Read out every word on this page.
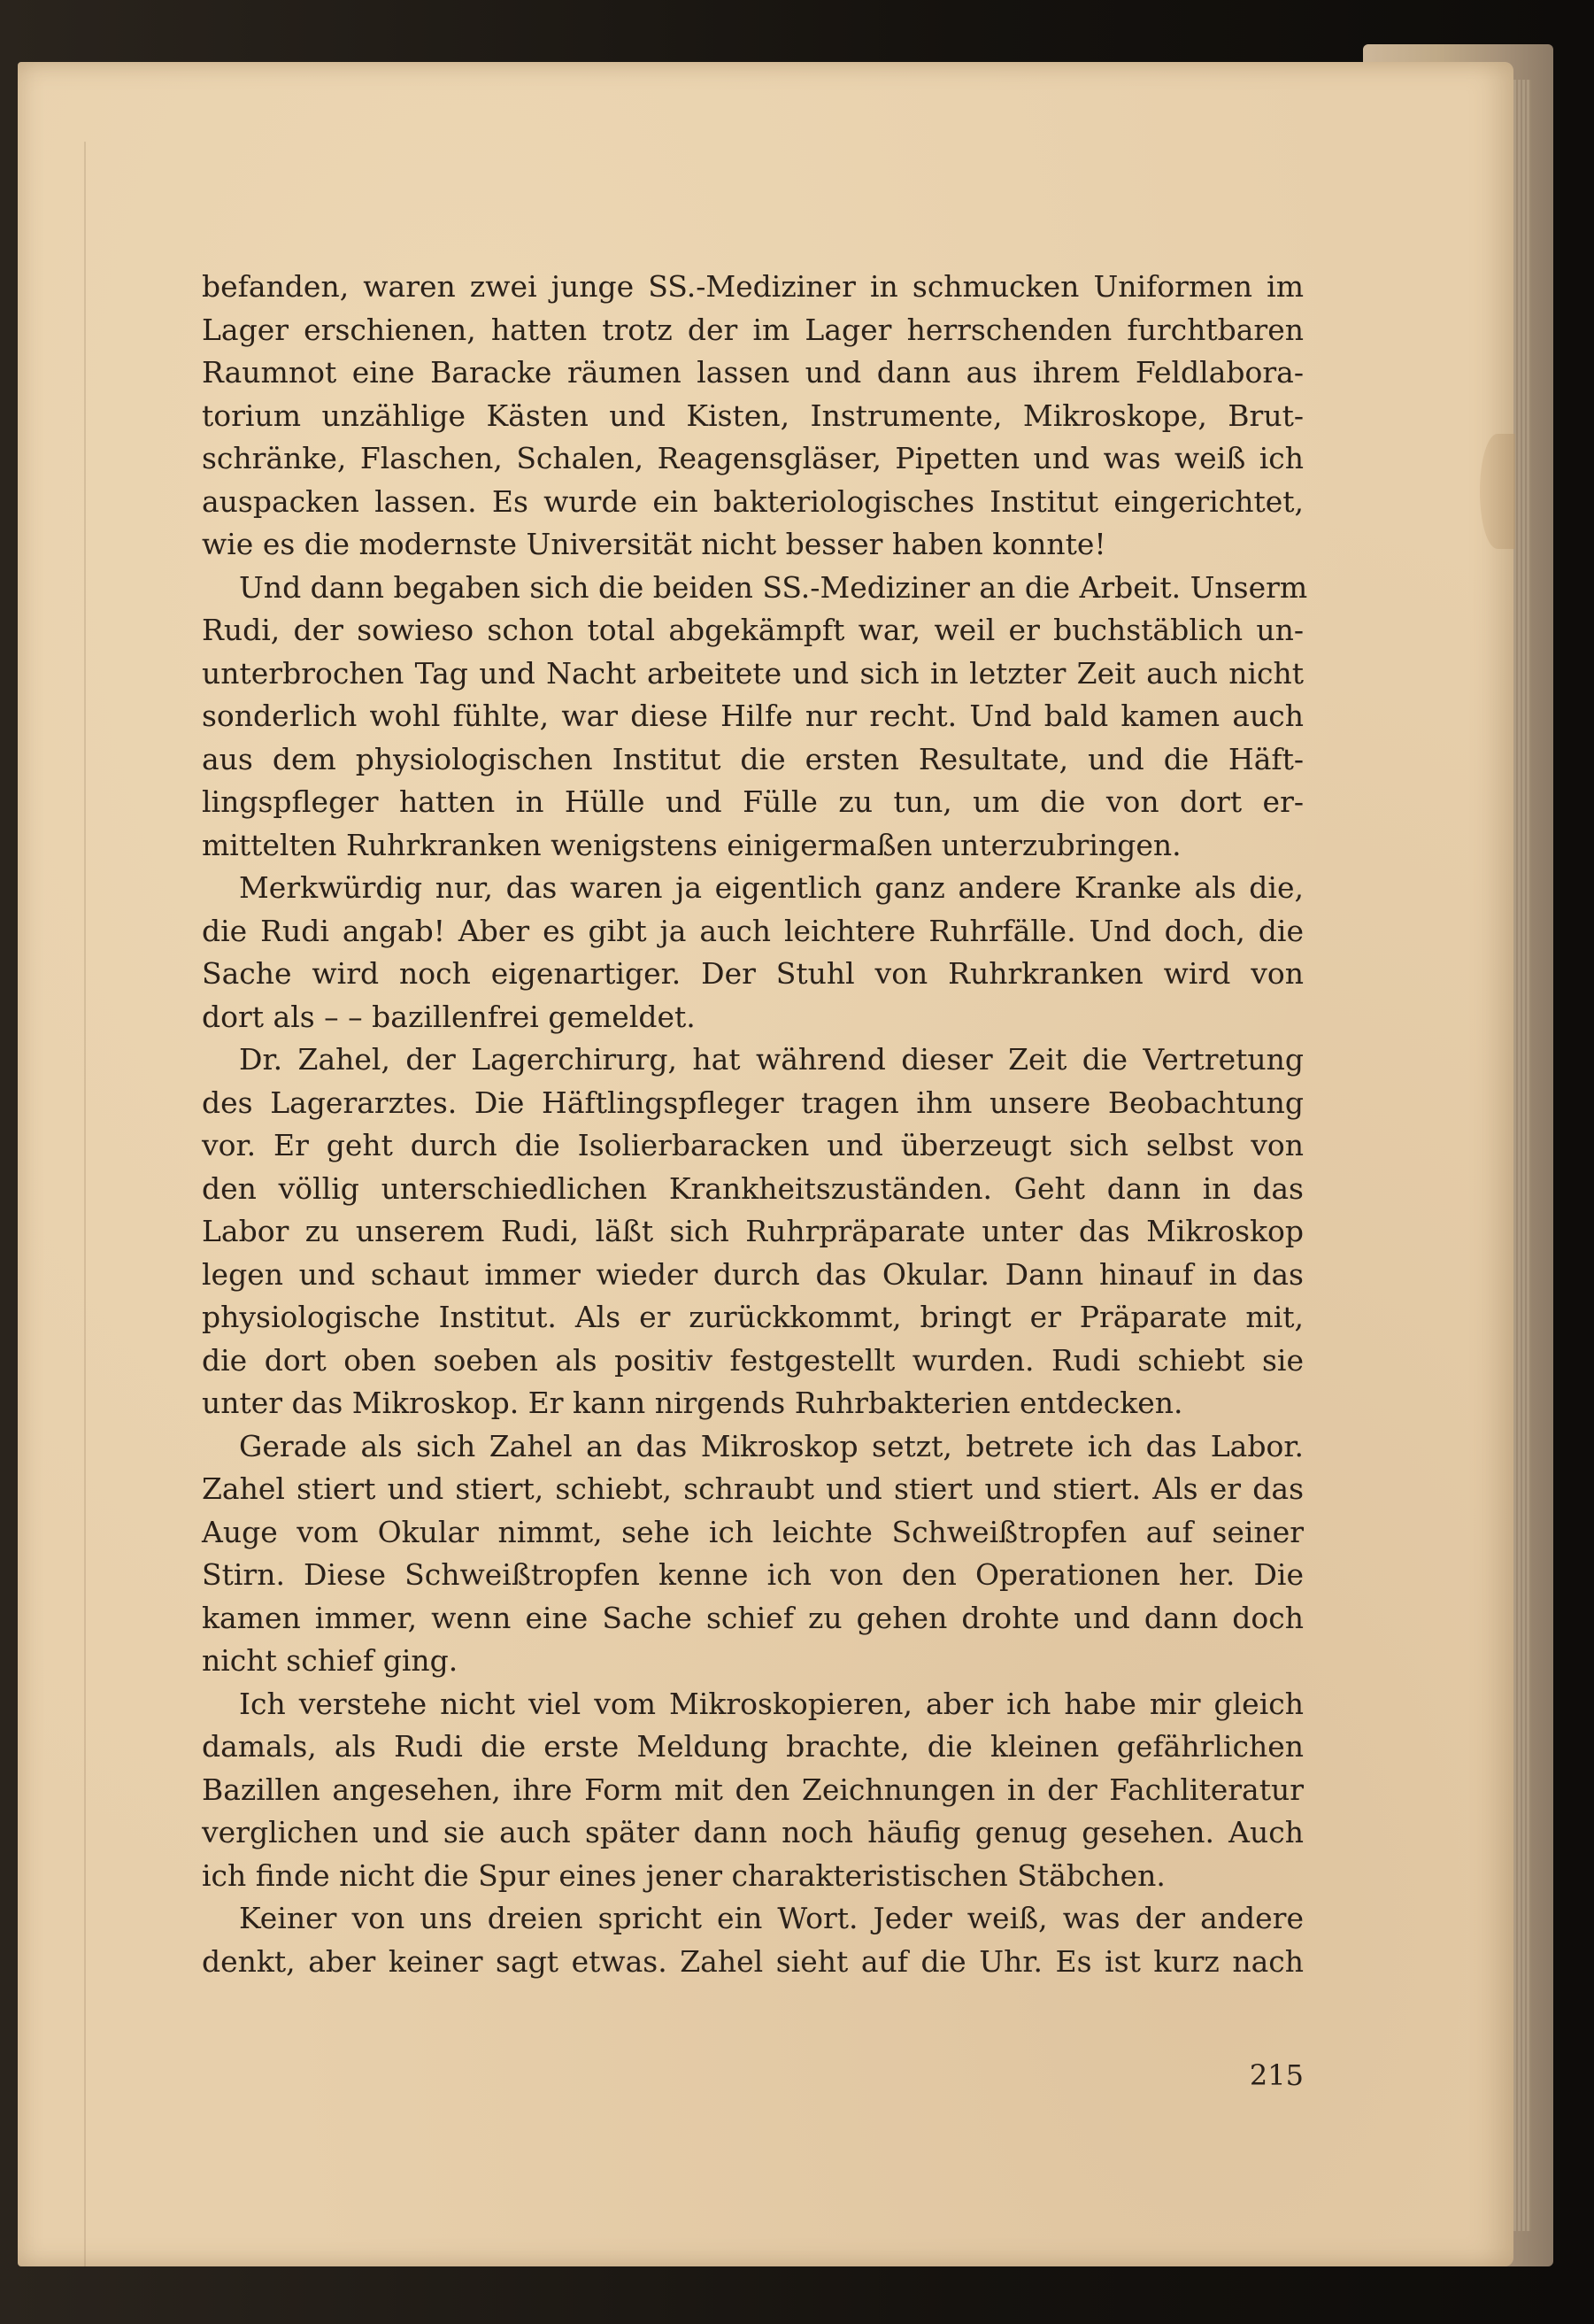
befanden, waren zwei junge SS.-Mediziner in schmucken Uniformen im
Lager erschienen, hatten trotz der im Lager herrschenden furchtbaren
Raumnot eine Baracke räumen lassen und dann aus ihrem Feldlabora-
torium unzählige Kästen und Kisten, Instrumente, Mikroskope, Brut-
schränke, Flaschen, Schalen, Reagensgläser, Pipetten und was weiß ich
auspacken lassen. Es wurde ein bakteriologisches Institut eingerichtet,
wie es die modernste Universität nicht besser haben konnte!
Und dann begaben sich die beiden SS.-Mediziner an die Arbeit. Unserm
Rudi, der sowieso schon total abgekämpft war, weil er buchstäblich un-
unterbrochen Tag und Nacht arbeitete und sich in letzter Zeit auch nicht
sonderlich wohl fühlte, war diese Hilfe nur recht. Und bald kamen auch
aus dem physiologischen Institut die ersten Resultate, und die Häft-
lingspfleger hatten in Hülle und Fülle zu tun, um die von dort er-
mittelten Ruhrkranken wenigstens einigermaßen unterzubringen.
Merkwürdig nur, das waren ja eigentlich ganz andere Kranke als die,
die Rudi angab! Aber es gibt ja auch leichtere Ruhrfälle. Und doch, die
Sache wird noch eigenartiger. Der Stuhl von Ruhrkranken wird von
dort als – – bazillenfrei gemeldet.
Dr. Zahel, der Lagerchirurg, hat während dieser Zeit die Vertretung
des Lagerarztes. Die Häftlingspfleger tragen ihm unsere Beobachtung
vor. Er geht durch die Isolierbaracken und überzeugt sich selbst von
den völlig unterschiedlichen Krankheitszuständen. Geht dann in das
Labor zu unserem Rudi, läßt sich Ruhrpräparate unter das Mikroskop
legen und schaut immer wieder durch das Okular. Dann hinauf in das
physiologische Institut. Als er zurückkommt, bringt er Präparate mit,
die dort oben soeben als positiv festgestellt wurden. Rudi schiebt sie
unter das Mikroskop. Er kann nirgends Ruhrbakterien entdecken.
Gerade als sich Zahel an das Mikroskop setzt, betrete ich das Labor.
Zahel stiert und stiert, schiebt, schraubt und stiert und stiert. Als er das
Auge vom Okular nimmt, sehe ich leichte Schweißtropfen auf seiner
Stirn. Diese Schweißtropfen kenne ich von den Operationen her. Die
kamen immer, wenn eine Sache schief zu gehen drohte und dann doch
nicht schief ging.
Ich verstehe nicht viel vom Mikroskopieren, aber ich habe mir gleich
damals, als Rudi die erste Meldung brachte, die kleinen gefährlichen
Bazillen angesehen, ihre Form mit den Zeichnungen in der Fachliteratur
verglichen und sie auch später dann noch häufig genug gesehen. Auch
ich finde nicht die Spur eines jener charakteristischen Stäbchen.
Keiner von uns dreien spricht ein Wort. Jeder weiß, was der andere
denkt, aber keiner sagt etwas. Zahel sieht auf die Uhr. Es ist kurz nach
215
